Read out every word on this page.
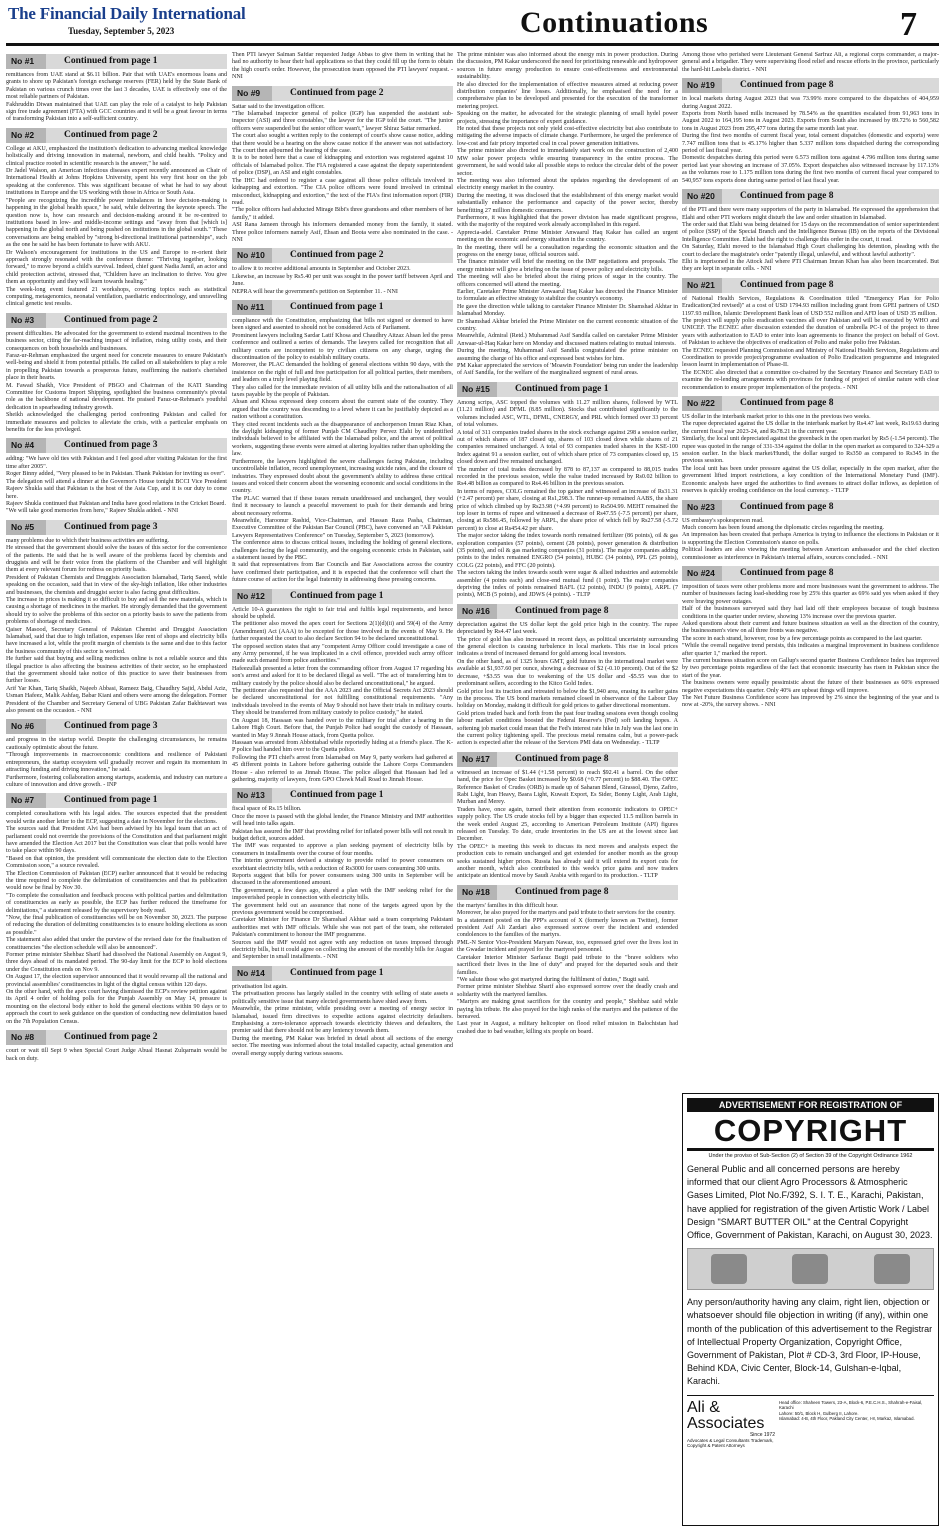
The Financial Daily International
Tuesday, September 5, 2023	Continuations	7
No #1	Continued from page 1
remittances from UAE stand at $6.11 billion. Pair that with UAE's enormous loans and grants to shore up Pakistan's foreign exchange reserves (FER) held by the State Bank of Pakistan on various crunch times over the last 3 decades, UAE is effectively one of the most reliable partners of Pakistan.
Fakhruddin Diwan maintained that UAE can play the role of a catalyst to help Pakistan sign free trade agreement (FTA) with GCC countries and it will be a great favour in terms of transforming Pakistan into a self-sufficient country.
No #2	Continued from page 2
College at AKU, emphasized the institution's dedication to advancing medical knowledge holistically and driving innovation in maternal, newborn, and child health. "Policy and clinical practice rooted in scientific research is the answer," he said.
Dr Jadel Walson, an American infectious diseases expert recently announced as Chair of International Health at Johns Hopkins University, spent his very first hour on the job speaking at the conference. This was significant because of what he had to say about institutions in Europe and the US working with those in Africa or South Asia.
"People are recognizing the incredible power imbalances in how decision-making is happening in the global health space," he said, while delivering the keynote speech. The question now is, how can research and decision-making around it be re-centred to institutions based in low- and middle-income settings and "away from that [which is] happening in the global north and being pushed on institutions in the global south." These conversations are being enabled by "strong bi-directional institutional partnerships", such as the one he said he has been fortunate to have with AKU.
Dr Walson's encouragement for institutions in the US and Europe to re-orient their approach strongly resonated with the conference theme: "Thriving together, looking forward," to move beyond a child's survival. Indeed, chief guest Nadia Jamil, an actor and child protection activist, stressed that, "Children have an inclination to thrive. You give them an opportunity and they will learn towards healing."
The week-long event featured 21 workshops, covering topics such as statistical computing, metagenomics, neonatal ventilation, paediatric endocrinology, and unravelling clinical genetic test results.
No #3	Continued from page 2
present difficulties. He advocated for the government to extend maximal incentives to the business sector, citing the far-reaching impact of inflation, rising utility costs, and their consequences on both households and businesses.
Faraz-ur-Rehman emphasized the urgent need for concrete measures to ensure Pakistan's well-being and shield it from potential pitfalls. He called on all stakeholders to play a role in propelling Pakistan towards a prosperous future, reaffirming the nation's cherished place in their hearts.
M. Fawad Shaikh, Vice President of PBGO and Chairman of the KATI Standing Committee for Customs Import Shipping, spotlighted the business community's pivotal role as the backbone of national development. He praised Faraz-ur-Rehman's youthful dedication in spearheading industry growth.
Sheikh acknowledged the challenging period confronting Pakistan and called for immediate measures and policies to alleviate the crisis, with a particular emphasis on benefits for the less privileged.
No #4	Continued from page 3
adding: "We have old ties with Pakistan and I feel good after visiting Pakistan for the first time after 2005".
Roger Binny added, "Very pleased to be in Pakistan. Thank Pakistan for inviting us over".
The delegation will attend a dinner at the Governor's House tonight BCCI Vice President Rajeev Shukla said that Pakistan is the host of the Asia Cup, and it is our duty to come here.
Rajeev Shukla continued that Pakistan and India have good relations in the Cricket Board.
"We will take good memories from here," Rajeev Shukla added. - NNI
No #5	Continued from page 3
many problems due to which their business activities are suffering.
He stressed that the government should solve the issues of this sector for the convenience of the patients. He said that he is well aware of the problems faced by chemists and druggists and will be their voice from the platform of the Chamber and will highlight them at every relevant forum for redress on priority basis.
President of Pakistan Chemists and Druggists Association Islamabad, Tariq Saeed, while speaking on the occasion, said that in view of the sky-high inflation, like other industries and businesses, the chemists and druggist sector is also facing great difficulties.
The increase in prices is making it so difficult to buy and sell the new materials, which is causing a shortage of medicines in the market. He strongly demanded that the government should try to solve the problems of this sector on a priority basis to save the patients from problems of shortage of medicines.
Qaiser Masood, Secretary General of Pakistan Chemist and Druggist Association Islamabad, said that due to high inflation, expenses like rent of shops and electricity bills have increased a lot, while the profit margin of chemists is the same and due to this factor the business community of this sector is worried.
He further said that buying and selling medicines online is not a reliable source and this illegal practice is also affecting the business activities of their sector, so he emphasized that the government should take notice of this practice to save their businesses from further losses.
Arif Yar Khan, Tariq Shaikh, Najeeb Abbasi, Rameez Baig, Chaudhry Sajid, Abdul Aziz, Usman Hafeez, Malik Ashfaq, Babar Kiani and others were among the delegation. Former President of the Chamber and Secretary General of UBG Pakistan Zafar Bakhtawari was also present on the occasion. - NNI
No #6	Continued from page 3
and progress in the startup world. Despite the challenging circumstances, he remains cautiously optimistic about the future.
"Through improvements in macroeconomic conditions and resilience of Pakistani entrepreneurs, the startup ecosystem will gradually recover and regain its momentum in attracting funding and driving innovation," he said.
Furthermore, fostering collaboration among startups, academia, and industry can nurture a culture of innovation and drive growth. - INP
No #7	Continued from page 1
completed consultations with his legal aides. The sources expected that the president would write another letter to the ECP, suggesting a date in November for the elections.
The sources said that President Alvi had been advised by his legal team that an act of parliament could not override the provisions of the Constitution and that parliament might have amended the Election Act 2017 but the Constitution was clear that polls would have to take place within 90 days.
"Based on that opinion, the president will communicate the election date to the Election Commission soon," a source revealed.
The Election Commission of Pakistan (ECP) earlier announced that it would be reducing the time required to complete the delimitation of constituencies and that its publication would now be final by Nov 30.
"To complete the consultation and feedback process with political parties and delimitation of constituencies as early as possible, the ECP has further reduced the timeframe for delimitations," a statement released by the supervisory body read.
"Now, the final publication of constituencies will be on November 30, 2023. The purpose of reducing the duration of delimiting constituencies is to ensure holding elections as soon as possible."
The statement also added that under the purview of the revised date for the finalisation of constituencies "the election schedule will also be announced".
Former prime minister Shehbaz Sharif had dissolved the National Assembly on August 9, three days ahead of its mandated period. The 90-day limit for the ECP to hold elections under the Constitution ends on Nov 9.
On August 17, the election supervisor announced that it would revamp all the national and provincial assemblies' constituencies in light of the digital census within 120 days.
On the other hand, with the apex court having dismissed the ECP's review petition against its April 4 order of holding polls for the Punjab Assembly on May 14, pressure is mounting on the electoral body either to hold the general elections within 90 days or to approach the court to seek guidance on the question of conducting new delimitation based on the 7th Population Census.
No #8	Continued from page 2
court or wait till Sept 9 when Special Court Judge Abual Hasnat Zulqarnain would be back on duty.
Then PTI lawyer Salman Safdar requested Judge Abbas to give them in writing that he had no authority to hear their bail applications so that they could fill up the form to obtain the high court's order. However, the prosecution team opposed the PTI lawyers' request. - NNI
No #9	Continued from page 2
Sattar said to the investigation officer.
"The Islamabad inspector general of police (IGP) has suspended the assistant sub-inspector (ASI) and three constables," the lawyer for the IGP told the court. "The junior officers were suspended but the senior officer wasn't," lawyer Shiraz Sattar remarked.
The court also sought a written reply to the contempt of court's show cause notice, adding that there would be a hearing on the show cause notice if the answer was not satisfactory. The court then adjourned the hearing of the case.
It is to be noted here that a case of kidnapping and extortion was registered against 10 officials of Islamabad police. The FIA registered a case against the deputy superintendent of police (DSP), an ASI and eight constables.
The IHC had ordered to register a case against all those police officials involved in kidnapping and extortion. "The CIA police officers were found involved in criminal misconduct, kidnapping and extortion," the text of the FIA's first information report (FIR) read.
"The police officers had abducted Mirage Bibi's three grandsons and other members of her family," it added.
ASI Rana Jameen through his informers demanded money from the family, it stated. Three police informers namely Asif, Ehsan and Boota were also nominated in the case. - NNI
No #10	Continued from page 2
to allow it to receive additional amounts in September and October 2023.
Likewise, an increase by Rs5.40 per unit was sought in the power tariff between April and June.
NEPRA will hear the government's petition on September 11. - NNI
No #11	Continued from page 1
compliance with the Constitution, emphasizing that bills not signed or deemed to have been signed and assented to should not be considered Acts of Parliament.
Prominent lawyers including Sardar Latif Khosa and Chaudhry Aitzaz Ahsan led the press conference and outlined a series of demands. The lawyers called for recognition that all military courts are incompetent to try civilian citizens on any charge, urging the discontinuation of the policy to establish military courts.
Moreover, the PLAC demanded the holding of general elections within 90 days, with the insistence on the right of full and free participation for all political parties, their members, and leaders on a truly level playing field.
They also called for the immediate revision of all utility bills and the rationalisation of all taxes payable by the people of Pakistan.
Ahsan and Khosa expressed deep concern about the current state of the country. They argued that the country was descending to a level where it can be justifiably depicted as a nation without a constitution.
They cited recent incidents such as the disappearance of anchorperson Imran Riaz Khan, the daylight kidnapping of former Punjab CM Chaudhry Pervez Elahi by unidentified individuals believed to be affiliated with the Islamabad police, and the arrest of political workers, suggesting these events were aimed at altering loyalties rather than upholding the law.
Furthermore, the lawyers highlighted the severe challenges facing Pakistan, including uncontrollable inflation, record unemployment, increasing suicide rates, and the closure of industries. They expressed doubt about the government's ability to address these critical issues and voiced their concern about the worsening economic and social conditions in the country.
The PLAC warned that if these issues remain unaddressed and unchanged, they would find it necessary to launch a peaceful movement to push for their demands and bring about necessary reforms.
Meanwhile, Haroonur Rashid, Vice-Chairman, and Hassan Raza Pasha, Chairman, Executive Committee of the Pakistan Bar Council (PBC), have convened an "All Pakistan Lawyers Representatives Conference" on Tuesday, September 5, 2023 (tomorrow).
The conference aims to discuss critical issues, including the holding of general elections, challenges facing the legal community, and the ongoing economic crisis in Pakistan, said a statement issued by the PBC.
It said that representatives from Bar Councils and Bar Associations across the country have confirmed their participation, and it is expected that the conference will chart the future course of action for the legal fraternity in addressing these pressing concerns.
No #12	Continued from page 1
Article 10-A guarantees the right to fair trial and fulfils legal requirements, and hence should be upheld.
The petitioner also moved the apex court for Sections 2(1)(d)(ii) and 59(4) of the Army (Amendment) Act (AAA) to be excepted for those involved in the events of May 9. He further requested the court to also declare Section 94 to be declared unconstitutional.
The opposed section states that any "competent Army Officer could investigate a case of any Army personnel, if he was implicated in a civil offence, provided such army officer made such demand from police authorities."
Hafeezullah presented a letter from the commanding officer from August 17 regarding his son's arrest and asked for it to be declared illegal as well. "The act of transferring him to military custody by the police should also be declared unconstitutional," he argued.
The petitioner also requested that the AAA 2023 and the Official Secrets Act 2023 should be declared unconstitutional for not fulfilling constitutional requirements. "Any individuals involved in the events of May 9 should not have their trials in military courts. They should be transferred from military custody to police custody," he stated.
On August 18, Hassaan was handed over to the military for trial after a hearing in the Lahore High Court. Before that, the Punjab Police had sought the custody of Hassaan, wanted in May 9 Jinnah House attack, from Quetta police.
Hassaan was arrested from Abbottabad while reportedly hiding at a friend's place. The K-P police had handed him over to the Quetta police.
Following the PTI chief's arrest from Islamabad on May 9, party workers had gathered at 45 different points in Lahore before gathering outside the Lahore Corps Commanders House - also referred to as Jinnah House. The police alleged that Hassaan had led a gathering, majority of lawyers, from GPO Chowk Mall Road to Jinnah House.
No #13	Continued from page 1
fiscal space of Rs.15 billion.
Once the move is passed with the global lender, the Finance Ministry and IMF authorities will head into talks again.
Pakistan has assured the IMF that providing relief for inflated power bills will not result in budget deficit, sources added.
The IMF was requested to approve a plan seeking payment of electricity bills by consumers in installments over the course of four months.
The interim government devised a strategy to provide relief to power consumers on exorbitant electricity bills, with a reduction of Rs3000 for users consuming 300 units.
Reports suggest that bills for power consumers using 300 units in September will be discussed in the aforementioned amount.
The government, a few days ago, shared a plan with the IMF seeking relief for the impoverished people in connection with electricity bills.
The government held out an assurance that none of the targets agreed upon by the previous government would be compromised.
Caretaker Minister for Finance Dr Shamshad Akhtar said a team comprising Pakistani authorities met with IMF officials. While she was not part of the team, she reiterated Pakistan's commitment to honour the IMF programme.
Sources said the IMF would not agree with any reduction on taxes imposed through electricity bills, but it could agree on collecting the amount of the monthly bills for August and September in small installments. - NNI
No #14	Continued from page 1
privatisation list again.
The privatisation process has largely stalled in the country with selling of state assets a politically sensitive issue that many elected governments have shied away from.
Meanwhile, the prime minister, while presiding over a meeting of energy sector in Islamabad, issued firm directives to expedite actions against electricity defaulters. Emphasising a zero-tolerance approach towards electricity thieves and defaulters, the premier said that there should not be any leniency towards them.
During the meeting, PM Kakar was briefed in detail about all sections of the energy sector. The meeting was informed about the total installed capacity, actual generation and overall energy supply during various seasons.
The prime minister was also informed about the energy mix in power production. During the discussion, PM Kakar underscored the need for prioritising renewable and hydropower sources in future energy production to ensure cost-effectiveness and environmental sustainability.
He also directed for the implementation of effective measures aimed at reducing power distribution companies' line losses. Additionally, he emphasised the need for a comprehensive plan to be developed and presented for the execution of the transformer metering project.
Speaking on the matter, he advocated for the strategic planning of small hydel power projects, stressing the importance of expert guidance.
He noted that these projects not only yield cost-effective electricity but also contribute to mitigating the adverse impacts of climate change. Furthermore, he urged the preference of low-cost and fair pricey imported coal in coal power generation initiatives.
The prime minister also directed to immediately start work on the construction of 2,400 MW solar power projects while ensuring transparency in the entire process. The government, he said would take all possible steps to reduce the circular debt of the power sector.
The meeting was also informed about the updates regarding the development of an electricity energy market in the country.
During the meeting, it was disclosed that the establishment of this energy market would substantially enhance the performance and capacity of the power sector, thereby benefitting 27 million domestic consumers.
Furthermore, it was highlighted that the power division has made significant progress, with the majority of the required work already accomplished in this regard.
Apprecia-adel. Caretaker Prime Minister Anwaarul Haq Kakar has called an urgent meeting on the economic and energy situation in the country.
In the meeting, there will be a consultation regarding the economic situation and the progress on the energy issue, official sources said.
The finance minister will brief the meeting on the IMF negotiations and proposals. The energy minister will give a briefing on the issue of power policy and electricity bills.
The meeting will also be briefed about the rising prices of sugar in the country. The officers concerned will attend the meeting.
Earlier, Caretaker Prime Minister Anwaarul Haq Kakar has directed the Finance Minister to formulate an effective strategy to stabilize the country's economy.
He gave the direction while talking to caretaker Finance Minister Dr. Shamshad Akhtar in Islamabad Monday.
Dr Shamshad Akhtar briefed the Prime Minister on the current economic situation of the country.
Meanwhile, Admiral (Retd.) Muhammad Asif Sandila called on caretaker Prime Minister Anwaar-ul-Haq Kakar here on Monday and discussed matters relating to mutual interests.
During the meeting, Muhammad Asif Sandila congratulated the prime minister on assuming the charge of his office and expressed best wishes for him.
PM Kakar appreciated the services of 'Moawin Foundation' being run under the leadership of Asif Sandila, for the welfare of the marginalized segment of rural areas.
No #15	Continued from page 1
Among scrips, ASC topped the volumes with 11.27 million shares, followed by WTL (11.21 million) and DFML (8.85 million). Stocks that contributed significantly to the volumes included ASC, WTL, DFML, CNERGY, and PRL which formed over 33 percent of total volumes.
A total of 311 companies traded shares in the stock exchange against 298 a session earlier, out of which shares of 187 closed up, shares of 103 closed down while shares of 21 companies remained unchanged. A total of 93 companies traded shares in the KSE-100 Index against 91 a session earlier, out of which share price of 73 companies closed up, 15 closed down and five remained unchanged.
The number of total trades decreased by 878 to 87,137 as compared to 88,015 trades recorded in the previous session, while the value traded increased by Rs0.02 billion to Rs4.48 billion as compared to Rs4.46 billion in the previous session.
In terms of rupees, COLG remained the top gainer and witnessed an increase of Rs31.31 (+2.47 percent) per share, closing at Rs1,298.3. The runner-up remained AABS, the share price of which climbed up by Rs23.98 (+4.99 percent) to Rs504.99. MEHT remained the top loser in terms of rupee and witnessed a decrease of Rs47.55 (-7.5 percent) per share, closing at Rs586.45, followed by ARPL, the share price of which fell by Rs27.58 (-5.72 percent) to close at Rs454.42 per share.
The major sector taking the index towards north remained fertilizer (86 points), oil & gas exploration companies (57 points), cement (28 points), power generation & distribution (35 points), and oil & gas marketing companies (31 points). The major companies adding points to the index remained ENGRO (54 points), HUBC (34 points), PPL (25 points), COLG (22 points), and FFC (20 points).
The sectors taking the index towards south were sugar & allied industries and automobile assembler (4 points each) and close-end mutual fund (1 point). The major companies depriving the index of points remained BAFL (12 points), INDU (9 points), ARPL (7 points), MCB (5 points), and JDWS (4 points). - TLTP
No #16	Continued from page 8
depreciation against the US dollar kept the gold price high in the country. The rupee depreciated by Rs4.47 last week.
The price of gold has also increased in recent days, as political uncertainty surrounding the general election is causing turbulence in local markets. This rise in local prices indicates a trend of increased demand for gold among local investors.
On the other hand, as of 1325 hours GMT, gold futures in the international market were available at $1,937.60 per ounce, showing a decrease of $2 (-0.10 percent). Out of the $2 decrease, +$3.55 was due to weakening of the US dollar and -$5.55 was due to predominant sellers, according to the Kitco Gold Index.
Gold price lost its traction and retreated to below the $1,940 area, erasing its earlier gains in the process. The US bond markets remained closed in observance of the Labour Day holiday on Monday, making it difficult for gold prices to gather directional momentum.
Gold prices traded back and forth from the past four trading sessions even though cooling labour market conditions boosted the Federal Reserve's (Fed) soft landing hopes. A softening job market could mean that the Fed's interest rate hike in July was the last one in the current policy tightening spell. The precious metal remains calm, but a power-pack action is expected after the release of the Services PMI data on Wednesday. - TLTP
No #17	Continued from page 8
witnessed an increase of $1.44 (+1.58 percent) to reach $92.41 a barrel. On the other hand, the price for Opec Basket increased by $0.68 (+0.77 percent) to $88.40. The OPEC Reference Basket of Crudes (ORB) is made up of Saharan Blend, Girassol, Djeno, Zafiro, Rabi Light, Iran Heavy, Basra Light, Kuwait Export, Es Sider, Bonny Light, Arab Light, Murban and Merey.
Traders have, once again, turned their attention from economic indicators to OPEC+ supply policy. The US crude stocks fell by a bigger than expected 11.5 million barrels in the week ended August 25, according to American Petroleum Institute (API) figures released on Tuesday. To date, crude inventories in the US are at the lowest since last December.
The OPEC+ is meeting this week to discuss its next moves and analysts expect the production cuts to remain unchanged and get extended for another month as the group seeks sustained higher prices. Russia has already said it will extend its export cuts for another month, which also contributed to this week's price gains and now traders anticipate an identical move by Saudi Arabia with regard to its production. - TLTP
No #18	Continued from page 8
the martyrs' families in this difficult hour.
Moreover, he also prayed for the martyrs and paid tribute to their services for the country.
In a statement posted on the PPP's account of X (formerly known as Twitter), former president Asif Ali Zardari also expressed sorrow over the incident and extended condolences to the families of the martyrs.
PML-N Senior Vice-President Maryam Nawaz, too, expressed grief over the lives lost in the Gwadar incident and prayed for the martyred personnel.
Caretaker Interior Minister Sarfaraz Bugti paid tribute to the "brave soldiers who sacrificed their lives in the line of duty" and prayed for the departed souls and their families.
"We salute those who got martyred during the fulfilment of duties," Bugti said.
Former prime minister Shehbaz Sharif also expressed sorrow over the deadly crash and solidarity with the martyred families.
"Martyrs are making great sacrifices for the country and people," Shehbaz said while paying his tribute. He also prayed for the high ranks of the martyrs and the patience of the bereaved.
Last year in August, a military helicopter on flood relief mission in Balochistan had crashed due to bad weather, killing six people on board.
Among those who perished were Lieutenant General Sarfraz Ali, a regional corps commander, a major-general and a brigadier. They were supervising flood relief and rescue efforts in the province, particularly the hard-hit Lasbela district. - NNI
No #19	Continued from page 8
in local markets during August 2023 that was 73.99% more compared to the dispatches of 404,959 during August 2022.
Exports from North based mills increased by 78.54% as the quantities escalated from 91,963 tons in August 2022 to 164,195 tons in August 2023. Exports from South also increased by 89.72% to 560,582 tons in August 2023 from 295,477 tons during the same month last year.
During the first two months of current fiscal year, total cement dispatches (domestic and exports) were 7.747 million tons that is 45.17% higher than 5.337 million tons dispatched during the corresponding period of last fiscal year.
Domestic despatches during this period were 6.573 million tons against 4.796 million tons during same period last year showing an increase of 37.05%. Export despatches also witnessed increase by 117.13% as the volumes rose to 1.175 million tons during the first two months of current fiscal year compared to 540,957 tons exports done during same period of last fiscal year.
No #20	Continued from page 8
of the PTI and there were many supporters of the party in Islamabad. He expressed the apprehension that Elahi and other PTI workers might disturb the law and order situation in Islamabad.
The order said that Elahi was being detained for 15 days on the recommendation of senior superintendent of police (SSP) of the Special Branch and the Intelligence Bureau (IB) on the reports of the Divisional Intelligence Committee. Elahi had the right to challenge this order in the court, it read.
On Saturday, Elahi moved to the Islamabad High Court challenging his detention, pleading with the court to declare the magistrate's order "patently illegal, unlawful, and without lawful authority".
Elhi is imprisoned in the Attock Jail where PTI Chairman Imran Khan has also been incarcerated. But they are kept in separate cells. - NNI
No #21	Continued from page 8
of National Health Services, Regulations & Coordination titled "Emergency Plan for Polio Eradication(3rd revised)" at a cost of USD 1794.93 million including grant from GPEI partners of USD 1197.93 million, Islamic Development Bank loan of USD 552 million and AFD loan of USD 35 million.
The project will supply polio eradication vaccines all over Pakistan and will be executed by WHO and UNICEF. The ECNEC after discussion extended the duration of umbrella PC-I of the project to three years with authorization to EAD to enter into loan agreements to finance the project on behalf of Govt. of Pakistan to achieve the objectives of eradication of Polio and make polio free Pakistan.
The ECNEC requested Planning Commission and Ministry of National Health Services, Regulations and Coordination to provide project/programme evaluation of Polio Eradication programme and integrated lesson learnt in implementation of Phase-II.
The ECNEC also directed that a committee co-chaired by the Secretary Finance and Secretary EAD to examine the re-lending arrangements with provinces for funding of project of similar nature with clear recommendation to ensure proper implementation of the projects. - NNI
No #22	Continued from page 8
US dollar in the interbank market prior to this one in the previous two weeks.
The rupee depreciated against the US dollar in the interbank market by Rs4.47 last week, Rs19.63 during the current fiscal year 2023-24, and Rs78.21 in the current year.
Similarly, the local unit depreciated against the greenback in the open market by Rs5 (-1.54 percent). The rupee was quoted in the range of 331-334 against the dollar in the open market as compared to 324-329 a session earlier. In the black market/Hundi, the dollar surged to Rs350 as compared to Rs345 in the previous session.
The local unit has been under pressure against the US dollar, especially in the open market, after the government lifted import restrictions, a key condition of the International Monetary Fund (IMF). Economic analysts have urged the authorities to find avenues to attract dollar inflows, as depletion of reserves is quickly eroding confidence on the local currency. - TLTP
No #23	Continued from page 8
US embassy's spokesperson read.
Much concern has been found among the diplomatic circles regarding the meeting.
An impression has been created that perhaps America is trying to influence the elections in Pakistan or it is supporting the Election Commission's stance on polls.
Political leaders are also viewing the meeting between American ambassador and the chief election commissioner as interference in Pakistan's internal affairs, sources concluded. - NNI
No #24	Continued from page 8
imposition of taxes were other problems more and more businesses want the government to address. The number of businesses facing load-shedding rose by 25% this quarter as 69% said yes when asked if they were braving power outages.
Half of the businesses surveyed said they had laid off their employees because of tough business conditions in the quarter under review, showing 13% increase over the previous quarter.
Asked questions about their current and future business situation as well as the direction of the country, the businessmen's view on all three fronts was negative.
The score in each strand, however, rose by a few percentage points as compared to the last quarter.
"While the overall negative trend persists, this indicates a marginal improvement in business confidence after quarter 1," marked the report.
The current business situation score on Gallup's second quarter Business Confidence Index has improved by two percentage points regardless of the fact that economic insecurity has risen in Pakistan since the start of the year.
The business owners were equally pessimistic about the future of their businesses as 60% expressed negative expectations this quarter. Only 40% are upbeat things will improve.
The Net Future Business Confidence score has improved by 2% since the beginning of the year and is now at -20%, the survey shows. - NNI
ADVERTISEMENT FOR REGISTRATION OF
COPYRIGHT
Under the proviso of Sub-Section (2) of Section 39 of the Copyright Ordinance 1962
General Public and all concerned persons are hereby informed that our client Agro Processors & Atmospheric Gases Limited, Plot No.F/392, S. I. T. E., Karachi, Pakistan, have applied for registration of the given Artistic Work / Label Design "SMART BUTTER OIL" at the Central Copyright Office, Government of Pakistan, Karachi, on August 30, 2023.
Any person/authority having any claim, right lien, objection or whatsoever should file objection in writing (if any), within one month of the publication of this advertisement to the Registrar of Intellectual Property Organization, Copyright Office, Government of Pakistan, Plot # CD-3, 3rd Floor, IP-House, Behind KDA, Civic Center, Block-14, Gulshan-e-Iqbal, Karachi.
Ali & Associates
Since 1972
Advocates & Legal Consultants Trademark, Copyright & Patent Attorneys
Head office: Shaheen Towers, 23-A, Block-6, P.E.C.H.S., Shahrah-e-Faisal, Karachi
Lahore: 50/1, Block H, Gulberg II, Lahore.
Islamabad: 4-B, 4th Floor, Pakland City Center, I-8, Markaz, Islamabad.
